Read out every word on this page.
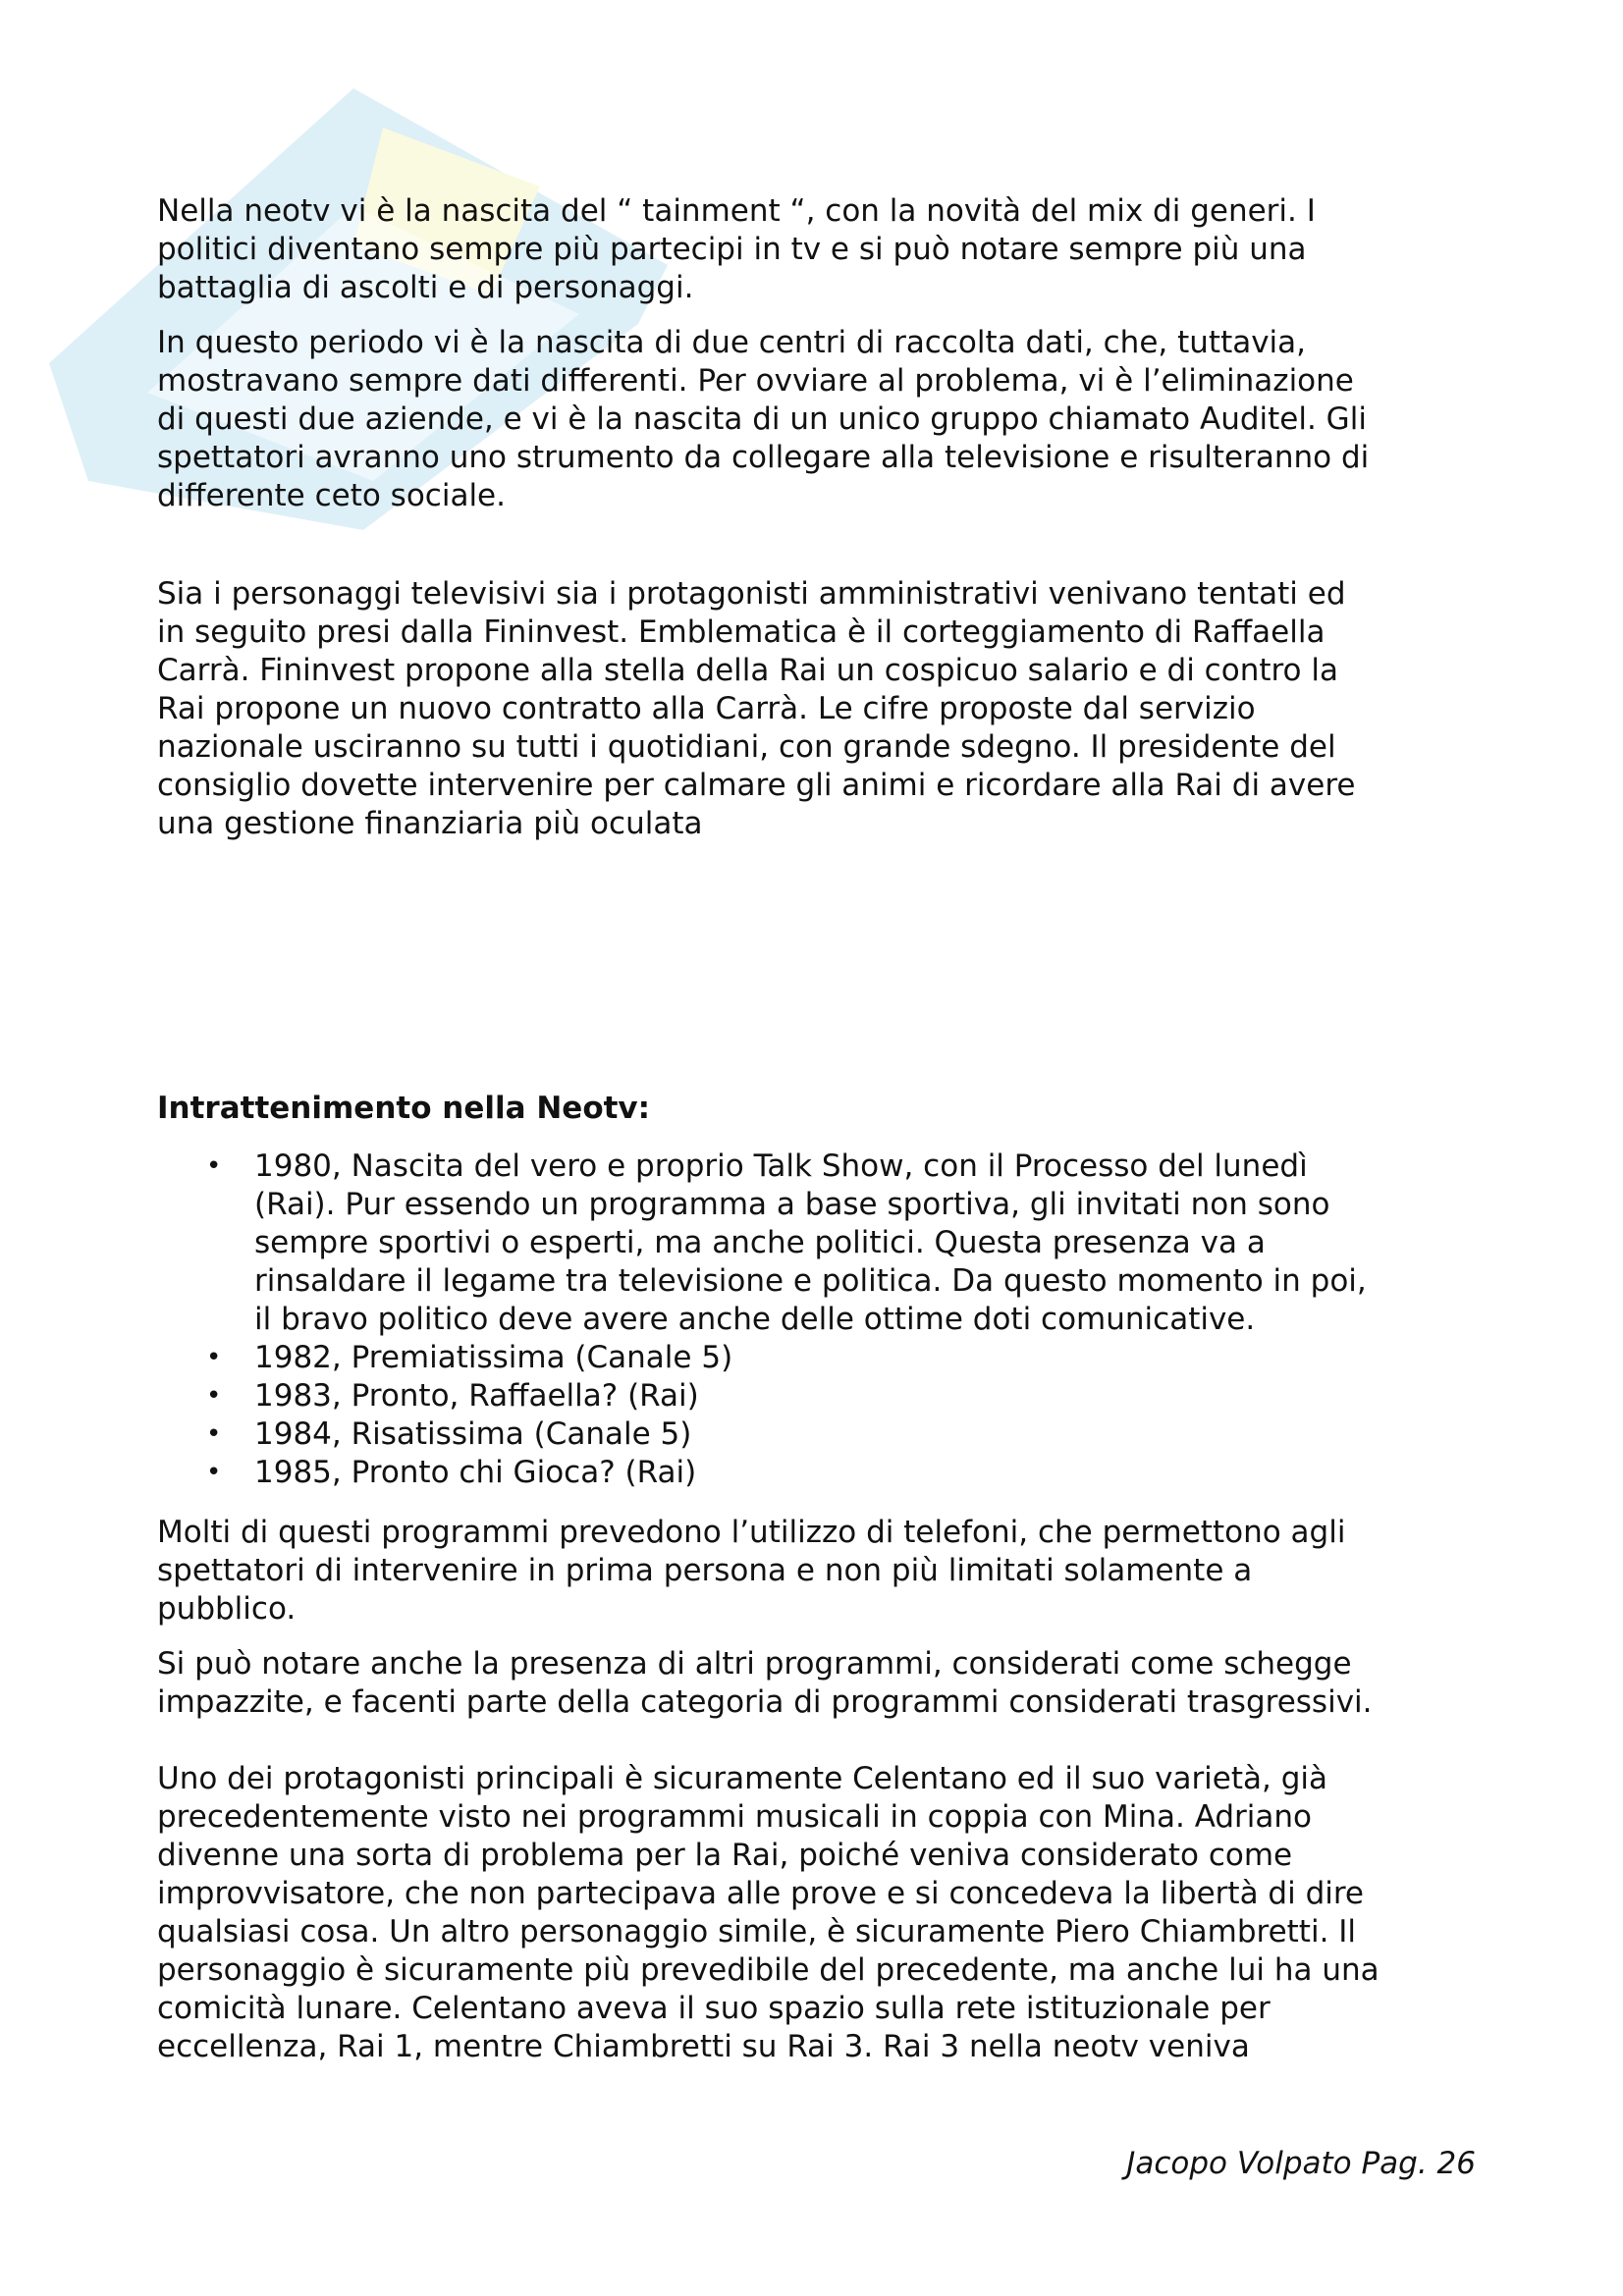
Nella neotv vi è la nascita del “ tainment “, con la novità del mix di generi. I
politici diventano sempre più partecipi in tv e si può notare sempre più una
battaglia di ascolti e di personaggi.

In questo periodo vi è la nascita di due centri di raccolta dati, che, tuttavia,
mostravano sempre dati differenti. Per ovviare al problema, vi è l’eliminazione
di questi due aziende, e vi è la nascita di un unico gruppo chiamato Auditel. Gli
spettatori avranno uno strumento da collegare alla televisione e risulteranno di
differente ceto sociale.

Sia i personaggi televisivi sia i protagonisti amministrativi venivano tentati ed
in seguito presi dalla Fininvest. Emblematica è il corteggiamento di Raffaella
Carrà. Fininvest propone alla stella della Rai un cospicuo salario e di contro la
Rai propone un nuovo contratto alla Carrà. Le cifre proposte dal servizio
nazionale usciranno su tutti i quotidiani, con grande sdegno. Il presidente del
consiglio dovette intervenire per calmare gli animi e ricordare alla Rai di avere
una gestione finanziaria più oculata

Intrattenimento nella Neotv:

• 1980, Nascita del vero e proprio Talk Show, con il Processo del lunedì
(Rai). Pur essendo un programma a base sportiva, gli invitati non sono
sempre sportivi o esperti, ma anche politici. Questa presenza va a
rinsaldare il legame tra televisione e politica. Da questo momento in poi,
il bravo politico deve avere anche delle ottime doti comunicative.
• 1982, Premiatissima (Canale 5)
• 1983, Pronto, Raffaella? (Rai)
• 1984, Risatissima (Canale 5)
• 1985, Pronto chi Gioca? (Rai)

Molti di questi programmi prevedono l’utilizzo di telefoni, che permettono agli
spettatori di intervenire in prima persona e non più limitati solamente a
pubblico.

Si può notare anche la presenza di altri programmi, considerati come schegge
impazzite, e facenti parte della categoria di programmi considerati trasgressivi.

Uno dei protagonisti principali è sicuramente Celentano ed il suo varietà, già
precedentemente visto nei programmi musicali in coppia con Mina. Adriano
divenne una sorta di problema per la Rai, poiché veniva considerato come
improvvisatore, che non partecipava alle prove e si concedeva la libertà di dire
qualsiasi cosa. Un altro personaggio simile, è sicuramente Piero Chiambretti. Il
personaggio è sicuramente più prevedibile del precedente, ma anche lui ha una
comicità lunare. Celentano aveva il suo spazio sulla rete istituzionale per
eccellenza, Rai 1, mentre Chiambretti su Rai 3. Rai 3 nella neotv veniva

Jacopo Volpato Pag. 26
